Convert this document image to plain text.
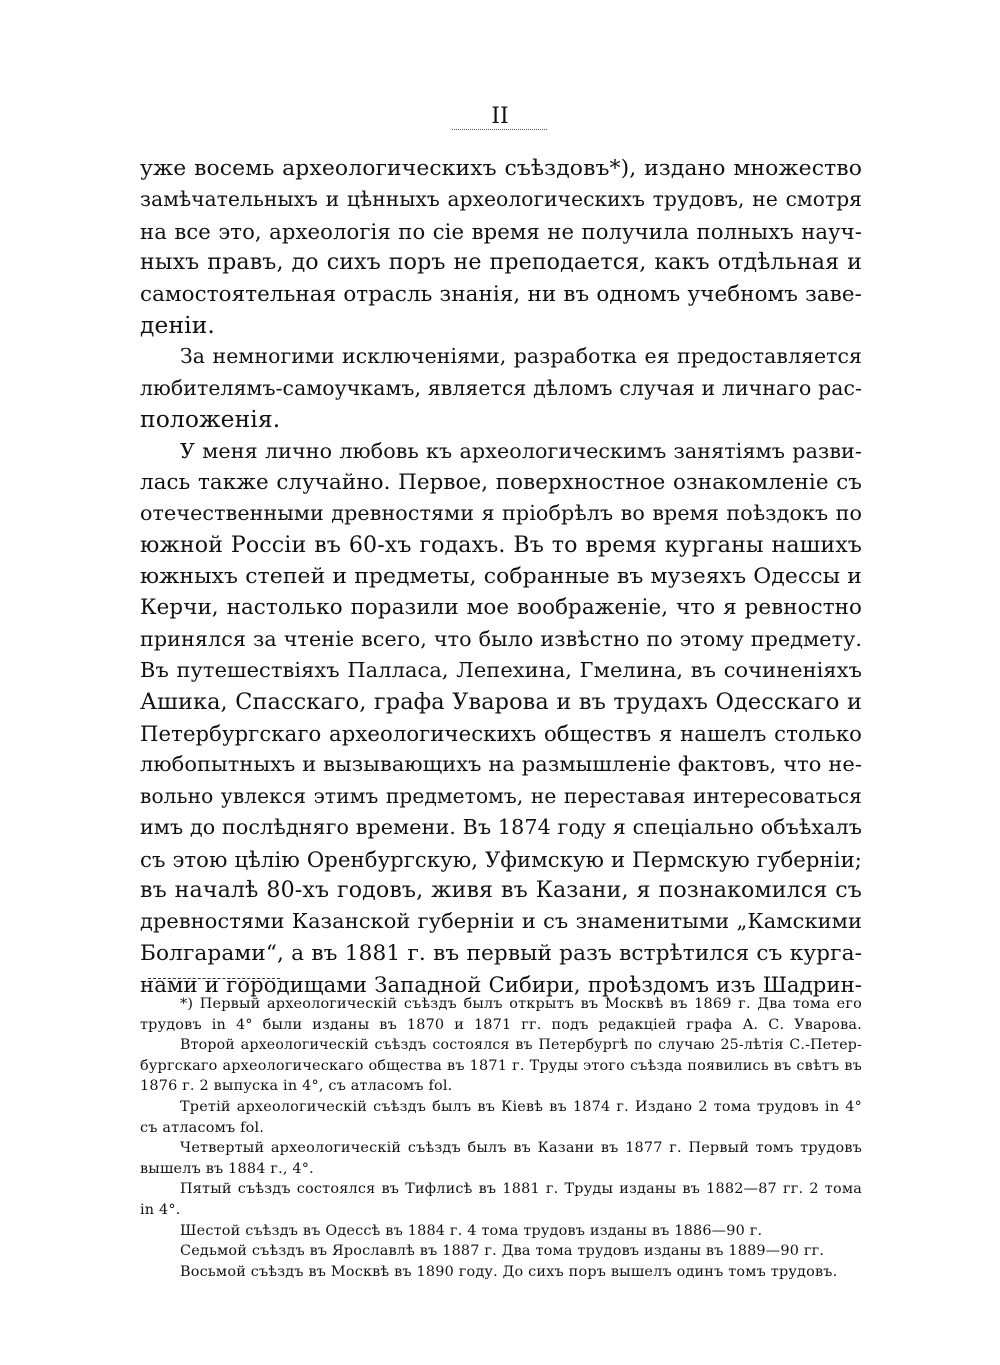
II
уже восемь археологическихъ съѣздовъ*), издано множество
замѣчательныхъ и цѣнныхъ археологическихъ трудовъ, не смотря
на все это, археологія по сіе время не получила полныхъ науч-
ныхъ правъ, до сихъ поръ не преподается, какъ отдѣльная и
самостоятельная отрасль знанія, ни въ одномъ учебномъ заве-
деніи.
За немногими исключеніями, разработка ея предоставляется
любителямъ-самоучкамъ, является дѣломъ случая и личнаго рас-
положенія.
У меня лично любовь къ археологическимъ занятіямъ разви-
лась также случайно. Первое, поверхностное ознакомленіе съ
отечественными древностями я пріобрѣлъ во время поѣздокъ по
южной Россіи въ 60-хъ годахъ. Въ то время курганы нашихъ
южныхъ степей и предметы, собранные въ музеяхъ Одессы и
Керчи, настолько поразили мое воображеніе, что я ревностно
принялся за чтеніе всего, что было извѣстно по этому предмету.
Въ путешествіяхъ Палласа, Лепехина, Гмелина, въ сочиненіяхъ
Ашика, Спасскаго, графа Уварова и въ трудахъ Одесскаго и
Петербургскаго археологическихъ обществъ я нашелъ столько
любопытныхъ и вызывающихъ на размышленіе фактовъ, что не-
вольно увлекся этимъ предметомъ, не переставая интересоваться
имъ до послѣдняго времени. Въ 1874 году я спеціально объѣхалъ
съ этою цѣлію Оренбургскую, Уфимскую и Пермскую губерніи;
въ началѣ 80-хъ годовъ, живя въ Казани, я познакомился съ
древностями Казанской губерніи и съ знаменитыми „Камскими
Болгарами“, а въ 1881 г. въ первый разъ встрѣтился съ курга-
нами и городищами Западной Сибири, проѣздомъ изъ Шадрин-
*) Первый археологическій съѣздъ былъ открытъ въ Москвѣ въ 1869 г. Два тома его
трудовъ in 4° были изданы въ 1870 и 1871 гг. подъ редакціей графа А. С. Уварова.
Второй археологическій съѣздъ состоялся въ Петербургѣ по случаю 25-лѣтія С.-Петер-
бургскаго археологическаго общества въ 1871 г. Труды этого съѣзда появились въ свѣтъ въ
1876 г. 2 выпуска in 4°, съ атласомъ fol.
Третій археологическій съѣздъ былъ въ Кіевѣ въ 1874 г. Издано 2 тома трудовъ in 4°
съ атласомъ fol.
Четвертый археологическій съѣздъ былъ въ Казани въ 1877 г. Первый томъ трудовъ
вышелъ въ 1884 г., 4°.
Пятый съѣздъ состоялся въ Тифлисѣ въ 1881 г. Труды изданы въ 1882—87 гг. 2 тома
in 4°.
Шестой съѣздъ въ Одессѣ въ 1884 г. 4 тома трудовъ изданы въ 1886—90 г.
Седьмой съѣздъ въ Ярославлѣ въ 1887 г. Два тома трудовъ изданы въ 1889—90 гг.
Восьмой съѣздъ въ Москвѣ въ 1890 году. До сихъ поръ вышелъ одинъ томъ трудовъ.
